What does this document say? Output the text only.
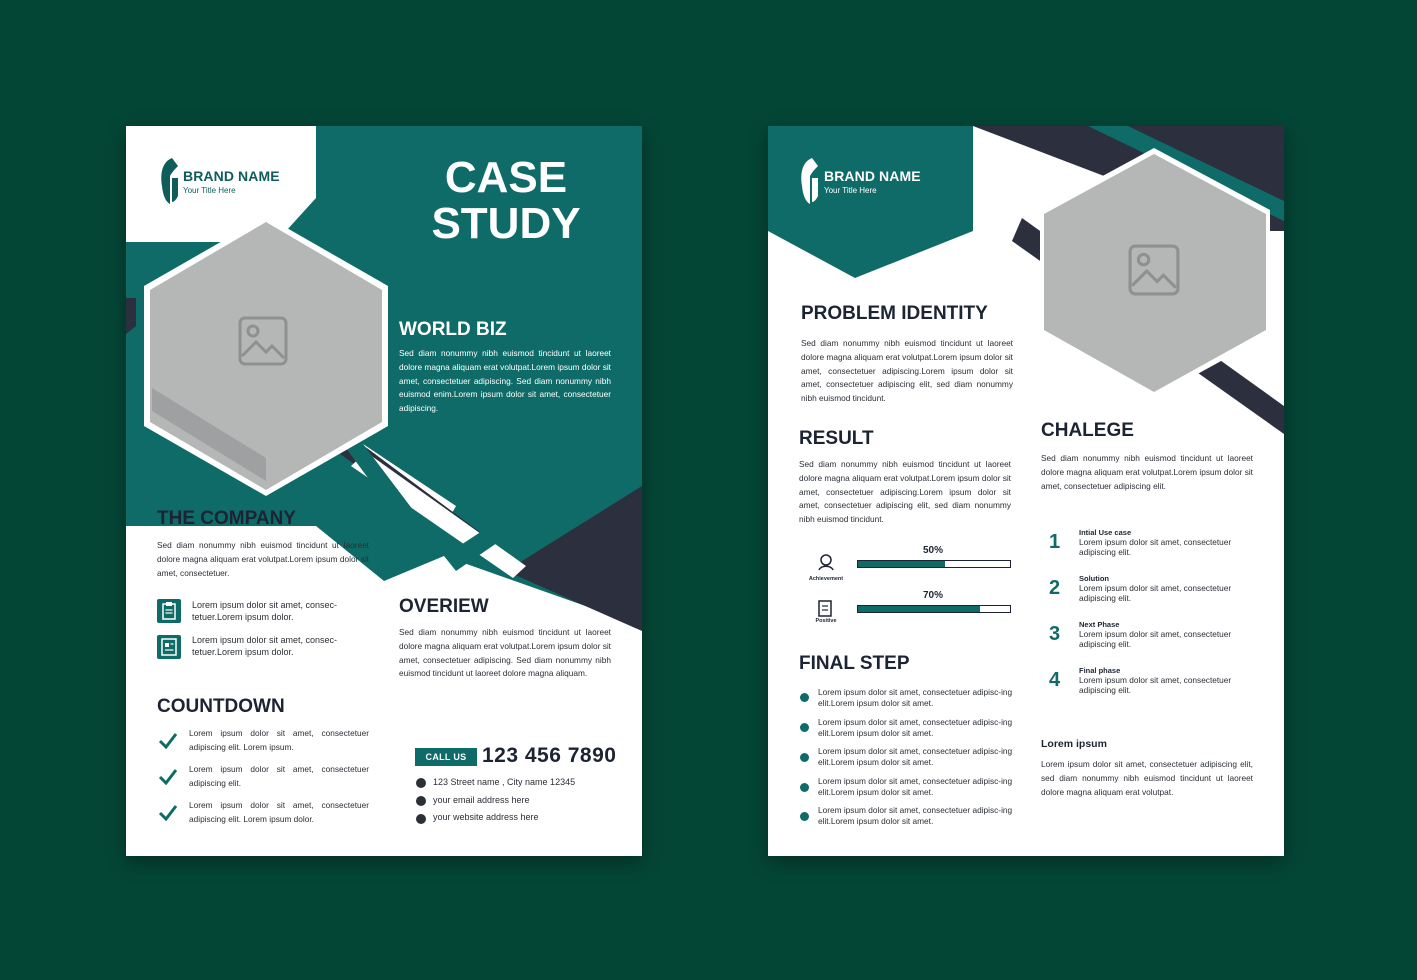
BRAND NAME
Your Title Here	CASE
STUDY
WORLD BIZ
Sed diam nonummy nibh euismod tincidunt ut laoreet dolore magna aliquam erat volutpat.Lorem ipsum dolor sit amet, consectetuer adipiscing. Sed diam nonummy nibh euismod enim.Lorem ipsum dolor sit amet, consectetuer adipiscing.
THE COMPANY
Sed diam nonummy nibh euismod tincidunt ut laoreet dolore magna aliquam erat volutpat.Lorem ipsum dolor sit amet, consectetuer.
Lorem ipsum dolor sit amet, consec-tetuer.Lorem ipsum dolor.
Lorem ipsum dolor sit amet, consec-tetuer.Lorem ipsum dolor.
COUNTDOWN
Lorem ipsum dolor sit amet, consectetuer adipiscing elit. Lorem ipsum.
Lorem ipsum dolor sit amet, consectetuer adipiscing elit.
Lorem ipsum dolor sit amet, consectetuer adipiscing elit. Lorem ipsum dolor.
OVERIEW
Sed diam nonummy nibh euismod tincidunt ut laoreet dolore magna aliquam erat volutpat.Lorem ipsum dolor sit amet, consectetuer adipiscing. Sed diam nonummy nibh euismod tincidunt ut laoreet dolore magna aliquam.
CALL US 123 456 7890
123 Street name , City name 12345
your email address here
your website address here
BRAND NAME
Your Title Here
PROBLEM IDENTITY
Sed diam nonummy nibh euismod tincidunt ut laoreet dolore magna aliquam erat volutpat.Lorem ipsum dolor sit amet, consectetuer adipiscing.Lorem ipsum dolor sit amet, consectetuer adipiscing elit, sed diam nonummy nibh euismod tincidunt.
RESULT
Sed diam nonummy nibh euismod tincidunt ut laoreet dolore magna aliquam erat volutpat.Lorem ipsum dolor sit amet, consectetuer adipiscing.Lorem ipsum dolor sit amet, consectetuer adipiscing elit, sed diam nonummy nibh euismod tincidunt.
Achievement
50%
Positive
70%
FINAL STEP
Lorem ipsum dolor sit amet, consectetuer adipisc-ing elit.Lorem ipsum dolor sit amet.
Lorem ipsum dolor sit amet, consectetuer adipisc-ing elit.Lorem ipsum dolor sit amet.
Lorem ipsum dolor sit amet, consectetuer adipisc-ing elit.Lorem ipsum dolor sit amet.
Lorem ipsum dolor sit amet, consectetuer adipisc-ing elit.Lorem ipsum dolor sit amet.
Lorem ipsum dolor sit amet, consectetuer adipisc-ing elit.Lorem ipsum dolor sit amet.
CHALEGE
Sed diam nonummy nibh euismod tincidunt ut laoreet dolore magna aliquam erat volutpat.Lorem ipsum dolor sit amet, consectetuer adipiscing elit.
1	Intial Use case
Lorem ipsum dolor sit amet, consectetuer adipiscing elit.
2	Solution
Lorem ipsum dolor sit amet, consectetuer adipiscing elit.
3	Next Phase
Lorem ipsum dolor sit amet, consectetuer adipiscing elit.
4	Final phase
Lorem ipsum dolor sit amet, consectetuer adipiscing elit.
Lorem ipsum
Lorem ipsum dolor sit amet, consectetuer adipiscing elit, sed diam nonummy nibh euismod tincidunt ut laoreet dolore magna aliquam erat volutpat.
